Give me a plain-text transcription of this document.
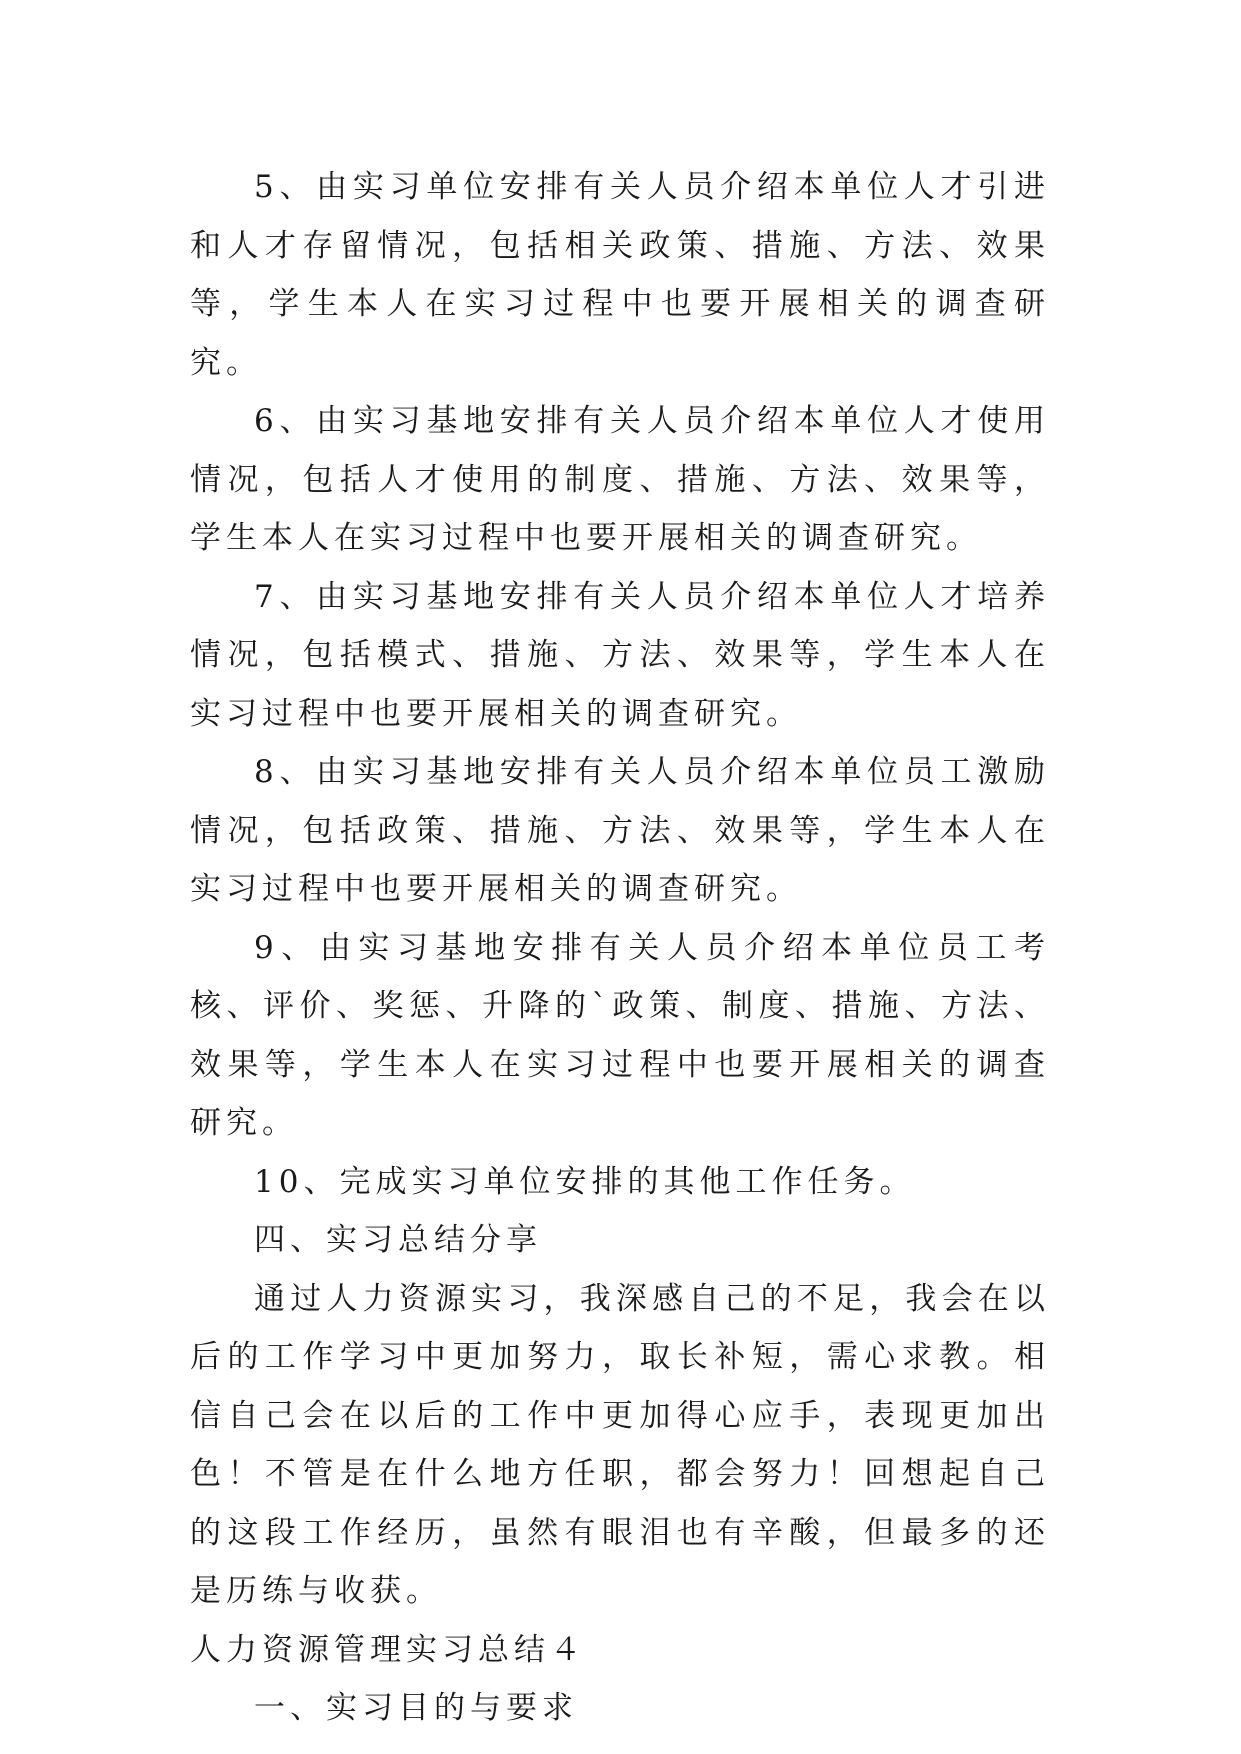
5、由实习单位安排有关人员介绍本单位人才引进和人才存留情况，包括相关政策、措施、方法、效果等，学生本人在实习过程中也要开展相关的调查研究。

6、由实习基地安排有关人员介绍本单位人才使用情况，包括人才使用的制度、措施、方法、效果等，学生本人在实习过程中也要开展相关的调查研究。

7、由实习基地安排有关人员介绍本单位人才培养情况，包括模式、措施、方法、效果等，学生本人在实习过程中也要开展相关的调查研究。

8、由实习基地安排有关人员介绍本单位员工激励情况，包括政策、措施、方法、效果等，学生本人在实习过程中也要开展相关的调查研究。

9、由实习基地安排有关人员介绍本单位员工考核、评价、奖惩、升降的`政策、制度、措施、方法、效果等，学生本人在实习过程中也要开展相关的调查研究。

10、完成实习单位安排的其他工作任务。

四、实习总结分享

通过人力资源实习，我深感自己的不足，我会在以后的工作学习中更加努力，取长补短，需心求教。相信自己会在以后的工作中更加得心应手，表现更加出色！不管是在什么地方任职，都会努力！回想起自己的这段工作经历，虽然有眼泪也有辛酸，但最多的还是历练与收获。

人力资源管理实习总结４

一、实习目的与要求
